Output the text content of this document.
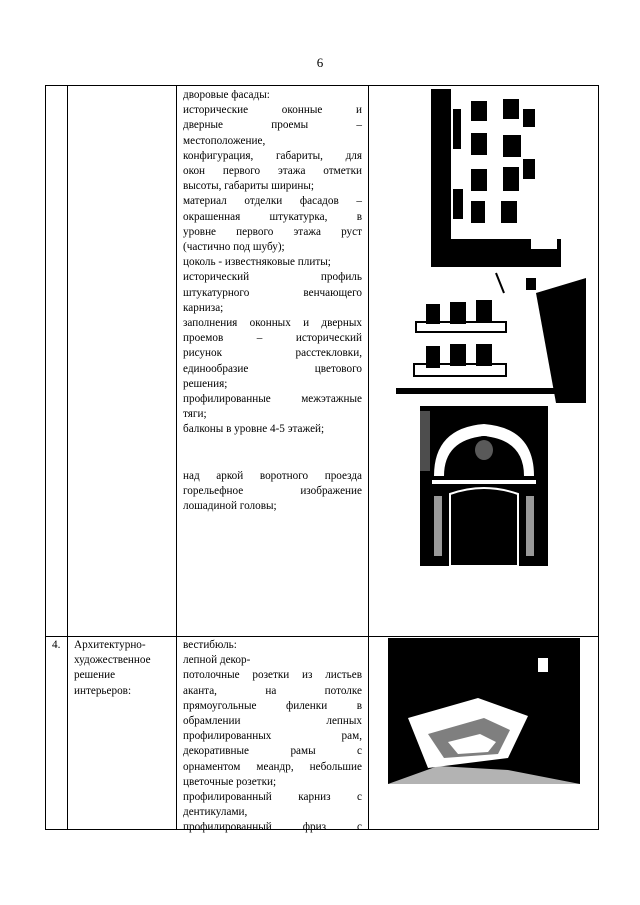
6
дворовые фасады:
исторические оконные и
дверные проемы –
местоположение,
конфигурация, габариты, для
окон первого этажа отметки
высоты, габариты ширины;
материал отделки фасадов –
окрашенная штукатурка, в
уровне первого этажа руст
(частично под шубу);
цоколь - известняковые плиты;
исторический профиль
штукатурного венчающего
карниза;
заполнения оконных и дверных
проемов – исторический
рисунок расстекловки,
единообразие цветового
решения;
профилированные межэтажные
тяги;
балконы в уровне 4-5 этажей;
над аркой воротного проезда
горельефное изображение
лошадиной головы;
4. Архитектурно-
художественное
решение
интерьеров:
вестибюль:
лепной декор-
потолочные розетки из листьев
аканта, на потолке
прямоугольные филенки в
обрамлении лепных
профилированных рам,
декоративные рамы с
орнаментом меандр, небольшие
цветочные розетки;
профилированный карниз с
дентикулами,
профилированный фриз с
